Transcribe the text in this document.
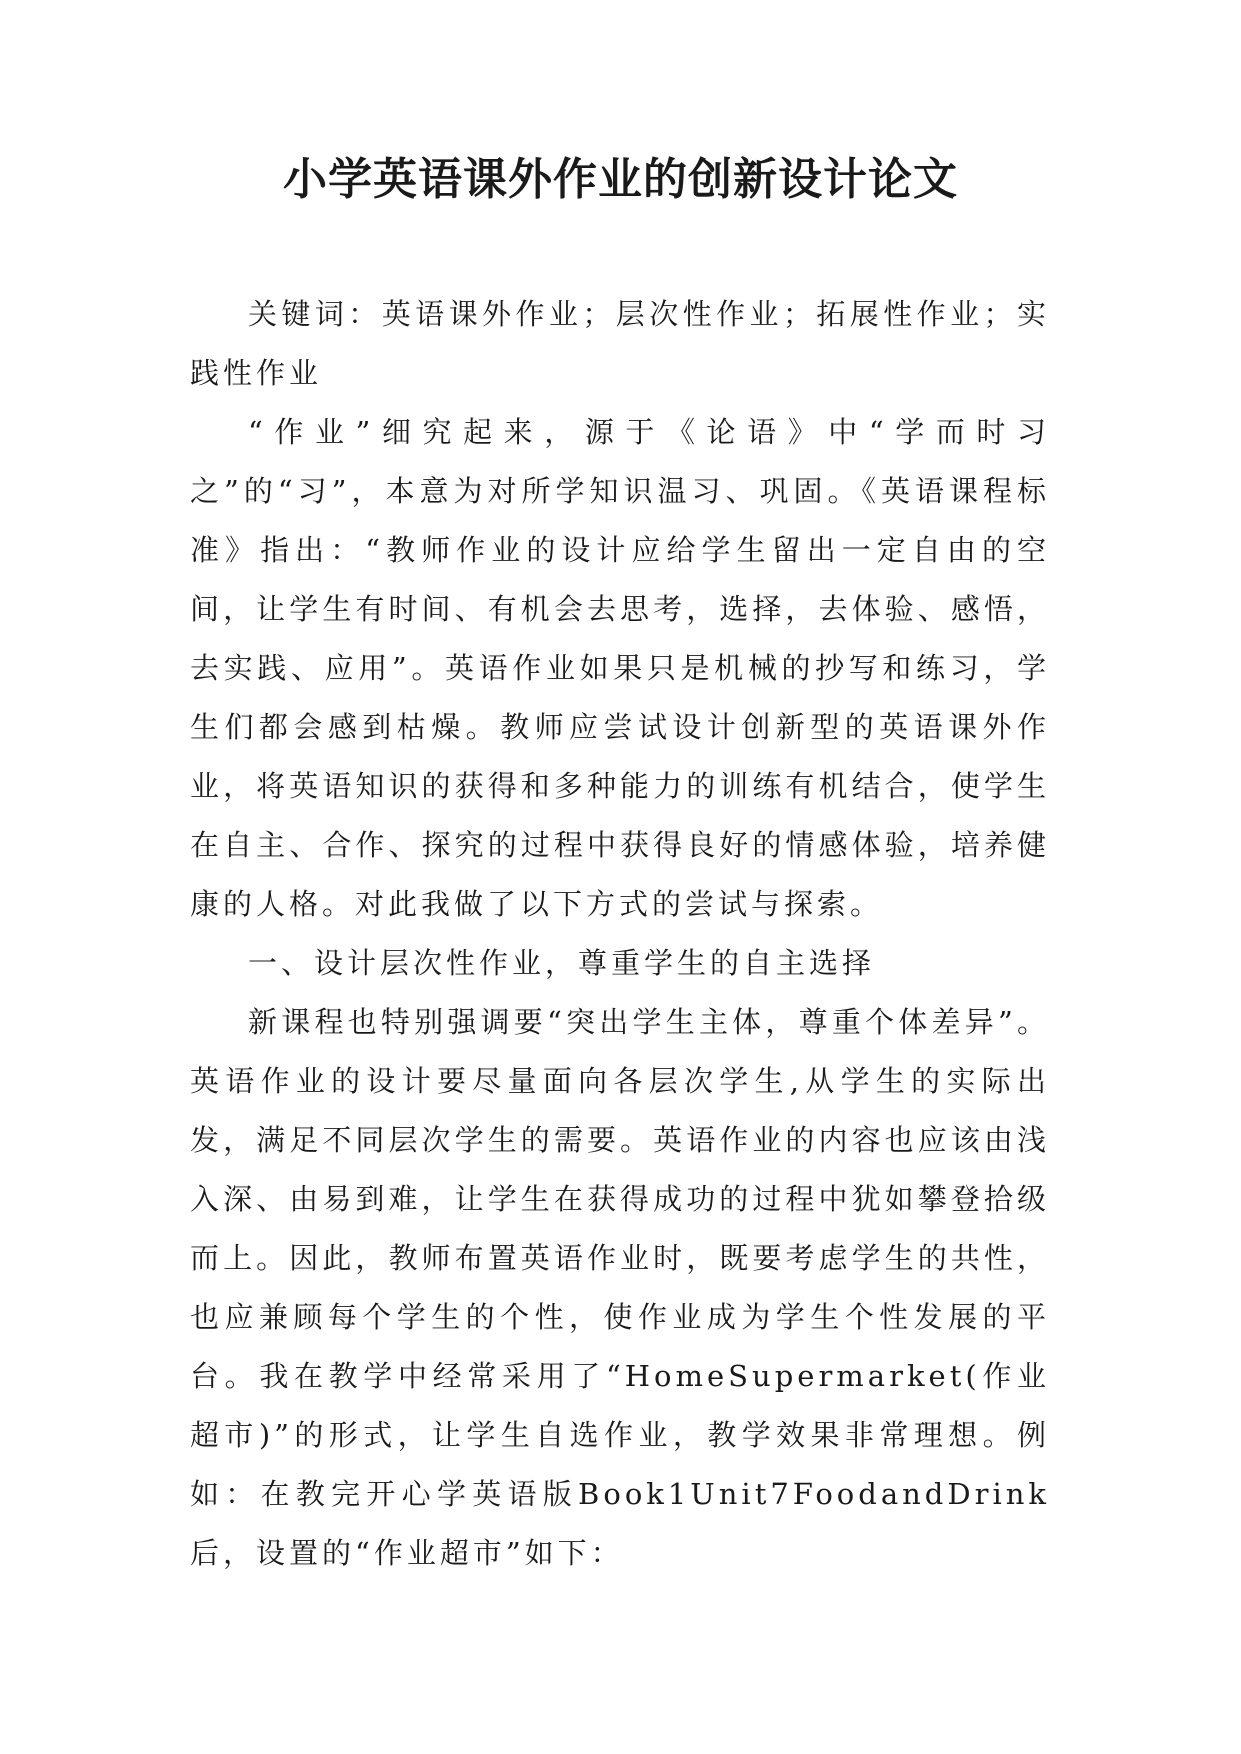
小学英语课外作业的创新设计论文

关键词：英语课外作业；层次性作业；拓展性作业；实践性作业

“作业”细究起来，源于《论语》中“学而时习之”的“习”，本意为对所学知识温习、巩固。《英语课程标准》指出：“教师作业的设计应给学生留出一定自由的空间，让学生有时间、有机会去思考，选择，去体验、感悟，去实践、应用”。英语作业如果只是机械的抄写和练习，学生们都会感到枯燥。教师应尝试设计创新型的英语课外作业，将英语知识的获得和多种能力的训练有机结合，使学生在自主、合作、探究的过程中获得良好的情感体验，培养健康的人格。对此我做了以下方式的尝试与探索。

一、设计层次性作业，尊重学生的自主选择

新课程也特别强调要“突出学生主体，尊重个体差异”。英语作业的设计要尽量面向各层次学生,从学生的实际出发，满足不同层次学生的需要。英语作业的内容也应该由浅入深、由易到难，让学生在获得成功的过程中犹如攀登拾级而上。因此，教师布置英语作业时，既要考虑学生的共性，也应兼顾每个学生的个性，使作业成为学生个性发展的平台。我在教学中经常采用了“HomeSupermarket(作业超市)”的形式，让学生自选作业，教学效果非常理想。例如：在教完开心学英语版Book1Unit7FoodandDrink后，设置的“作业超市”如下：
